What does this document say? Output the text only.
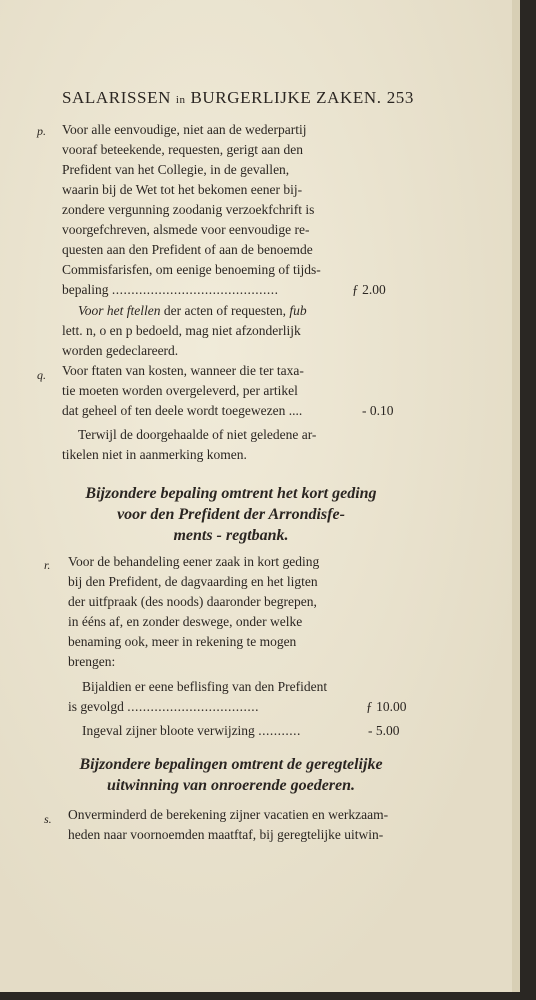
SALARISSEN in BURGERLIJKE ZAKEN. 253
p. Voor alle eenvoudige, niet aan de wederpartij
vooraf beteekende, requesten, gerigt aan den
Prefident van het Collegie, in de gevallen,
waarin bij de Wet tot het bekomen eener bij-
zondere vergunning zoodanig verzoekfchrift is
voorgefchreven, alsmede voor eenvoudige re-
questen aan den Prefident of aan de benoemde
Commisfarisfen, om eenige benoeming of tijds-
bepaling ...........................................	ƒ 2.00
Voor het ftellen der acten of requesten, fub
lett. n, o en p bedoeld, mag niet afzonderlijk
worden gedeclareerd.
q. Voor ftaten van kosten, wanneer die ter taxa-
tie moeten worden overgeleverd, per artikel
dat geheel of ten deele wordt toegewezen ....	- 0.10
Terwijl de doorgehaalde of niet geledene ar-
tikelen niet in aanmerking komen.
Bijzondere bepaling omtrent het kort geding
voor den Prefident der Arrondisfe-
ments - regtbank.
r. Voor de behandeling eener zaak in kort geding
bij den Prefident, de dagvaarding en het ligten
der uitfpraak (des noods) daaronder begrepen,
in ééns af, en zonder deswege, onder welke
benaming ook, meer in rekening te mogen
brengen:
Bijaldien er eene beflisfing van den Prefident
is gevolgd ..................................	ƒ 10.00
Ingeval zijner bloote verwijzing ...........	- 5.00
Bijzondere bepalingen omtrent de geregtelijke
uitwinning van onroerende goederen.
s. Onverminderd de berekening zijner vacatien en werkzaam-
heden naar voornoemden maatftaf, bij geregtelijke uitwin-
